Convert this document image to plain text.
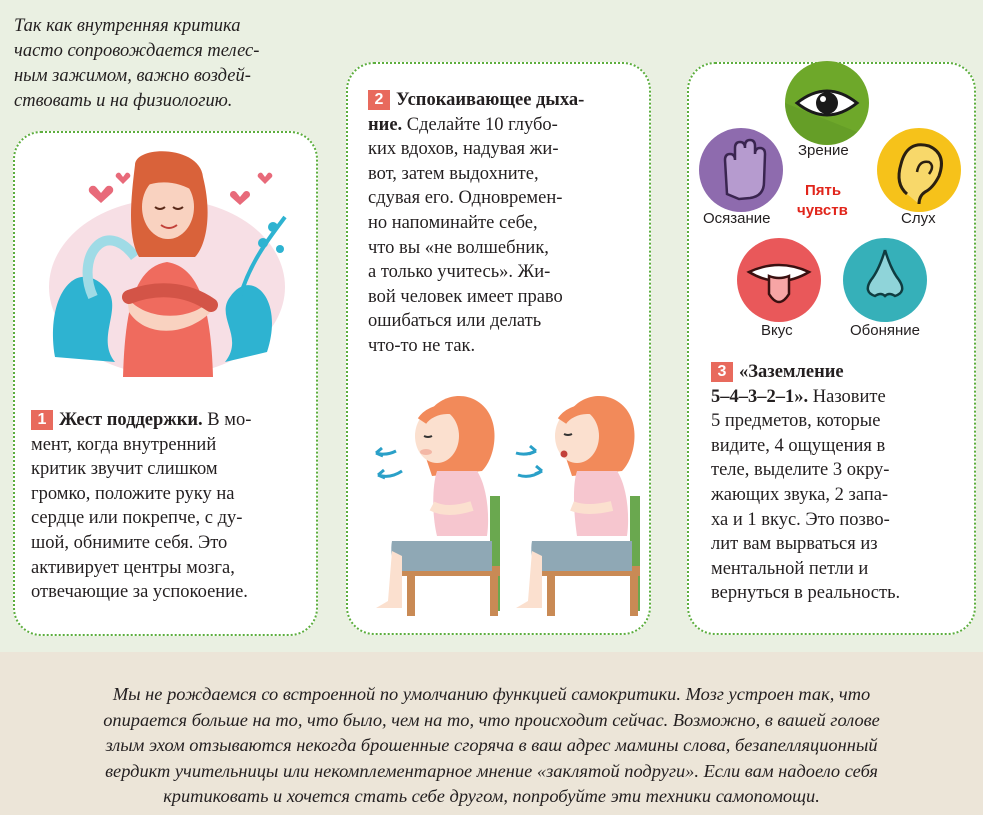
Так как внутренняя критика
часто сопровождается телес-
ным зажимом, важно воздей-
ствовать и на физиологию.
1 Жест поддержки. В мо-
мент, когда внутренний
критик звучит слишком
громко, положите руку на
сердце или покрепче, с ду-
шой, обнимите себя. Это
активирует центры мозга,
отвечающие за успокоение.
2 Успокаивающее дыха-
ние. Сделайте 10 глубо-
ких вдохов, надувая жи-
вот, затем выдохните,
сдувая его. Одновремен-
но напоминайте себе,
что вы «не волшебник,
а только учитесь». Жи-
вой человек имеет право
ошибаться или делать
что-то не так.
Зрение
Осязание	Слух
Пять
чувств
Вкус	Обоняние
3 «Заземление
5–4–3–2–1». Назовите
5 предметов, которые
видите, 4 ощущения в
теле, выделите 3 окру-
жающих звука, 2 запа-
ха и 1 вкус. Это позво-
лит вам вырваться из
ментальной петли и
вернуться в реальность.
Мы не рождаемся со встроенной по умолчанию функцией самокритики. Мозг устроен так, что
опирается больше на то, что было, чем на то, что происходит сейчас. Возможно, в вашей голове
злым эхом отзываются некогда брошенные сгоряча в ваш адрес мамины слова, безапелляционный
вердикт учительницы или некомплементарное мнение «заклятой подруги». Если вам надоело себя
критиковать и хочется стать себе другом, попробуйте эти техники самопомощи.
